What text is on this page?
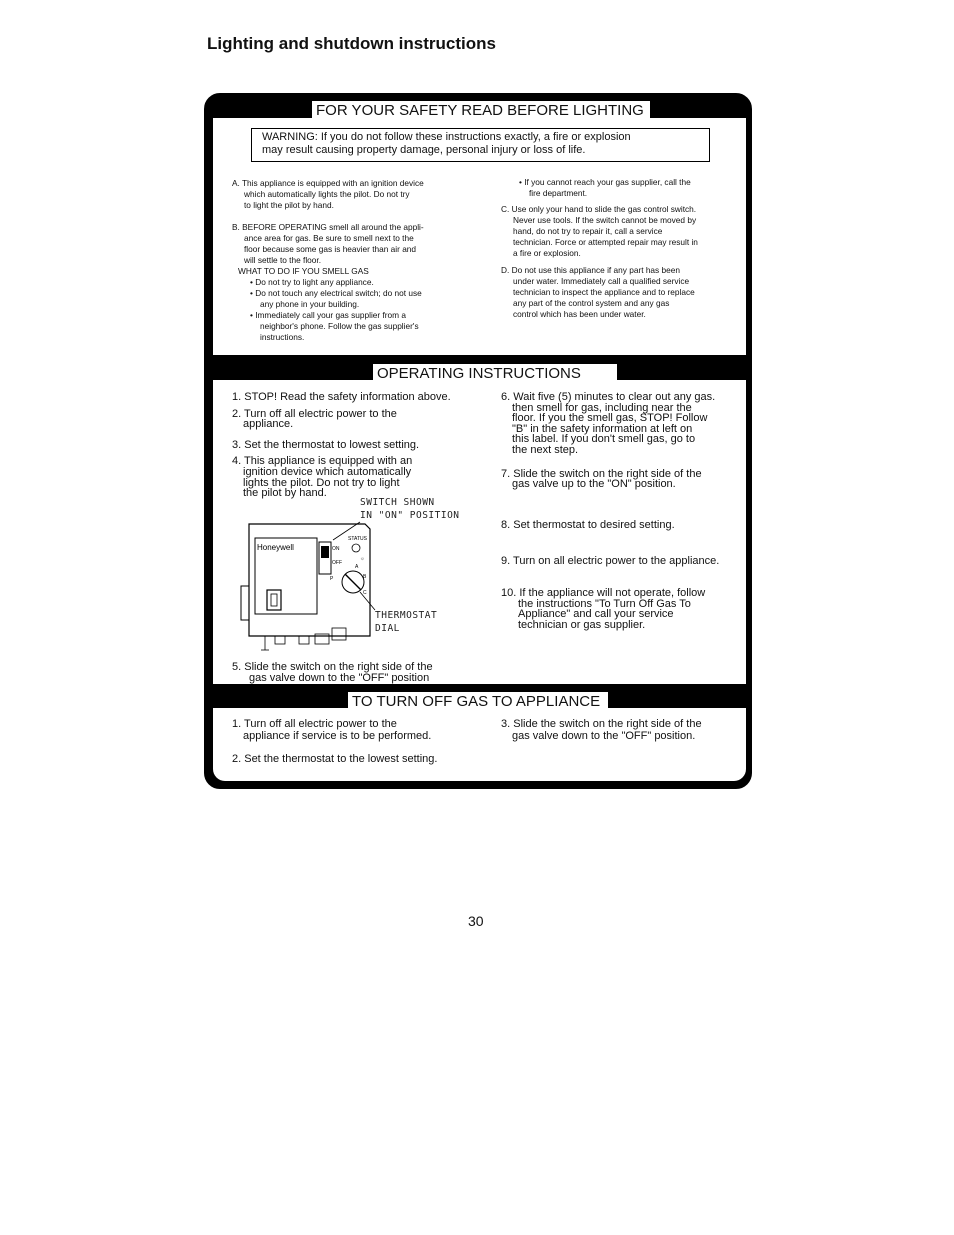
Lighting and shutdown instructions
WARNING: If you do not follow these instructions exactly, a fire or explosion
may result causing property damage, personal injury or loss of life.

A. This appliance is equipped with an ignition device

which automatically lights the pilot. Do not try

to light the pilot by hand.

B. BEFORE OPERATING smell all around the appli-

ance area for gas. Be sure to smell next to the

floor because some gas is heavier than air and

will settle to the floor.

WHAT TO DO IF YOU SMELL GAS

• Do not try to light any appliance.

• Do not touch any electrical switch; do not use

any phone in your building.

• Immediately call your gas supplier from a

neighbor's phone. Follow the gas supplier's

instructions.

• If you cannot reach your gas supplier, call the

fire department.

C. Use only your hand to slide the gas control switch.

Never use tools. If the switch cannot be moved by

hand, do not try to repair it, call a service

technician. Force or attempted repair may result in

a fire or explosion.

D. Do not use this appliance if any part has been

under water. Immediately call a qualified service

technician to inspect the appliance and to replace

any part of the control system and any gas

control which has been under water.

1. STOP! Read the safety information above.

2. Turn off all electric power to the

appliance.

3. Set the thermostat to lowest setting.

4. This appliance is equipped with an

ignition device which automatically

lights the pilot. Do not try to light

the pilot by hand.

SWITCH SHOWN
IN "ON" POSITION
Honeywell	ON
OFF
STATUS
P
A
B
C
☼
THERMOSTAT
DIAL

5. Slide the switch on the right side of the

gas valve down to the "OFF" position

6. Wait five (5) minutes to clear out any gas.

then smell for gas, including near the

floor. If you the smell gas, STOP! Follow

"B" in the safety information at left on

this label. If you don't smell gas, go to

the next step.

7. Slide the switch on the right side of the

gas valve up to the "ON" position.

8. Set thermostat to desired setting.

9. Turn on all electric power to the appliance.

10. If the appliance will not operate, follow

the instructions "To Turn Off Gas To

Appliance" and call your service

technician or gas supplier.

1. Turn off all electric power to the

appliance if service is to be performed.

2. Set the thermostat to the lowest setting.

3. Slide the switch on the right side of the

gas valve down to the "OFF" position.

FOR YOUR SAFETY READ BEFORE LIGHTING
OPERATING INSTRUCTIONS
TO TURN OFF GAS TO APPLIANCE
30
